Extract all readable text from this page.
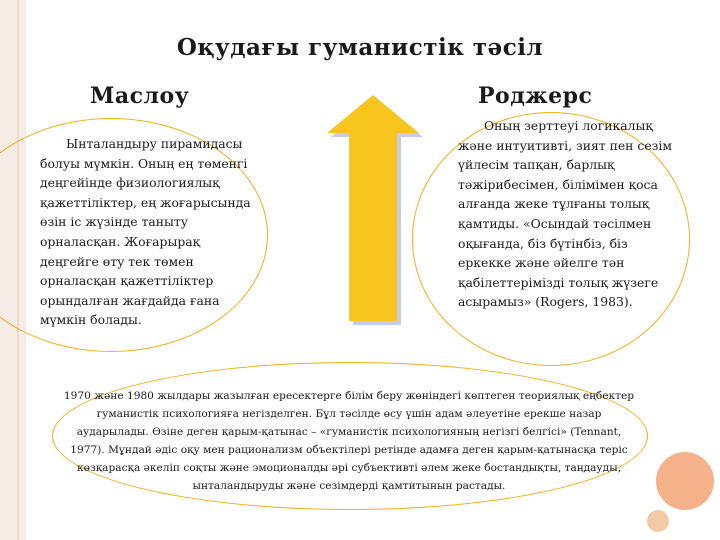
Оқудағы гуманистік тәсіл
Маслоу	Роджерс

Ынталандыру пирамидасы болуы мүмкін. Оның ең төменгі деңгейінде физиологиялық қажеттіліктер, ең жоғарысында өзін іс жүзінде таныту орналасқан. Жоғарырақ деңгейге өту тек төмен орналасқан қажеттіліктер орындалған жағдайда ғана мүмкін болады.

Оның зерттеуі логикалық және интуитивті, зият пен сезім үйлесім тапқан, барлық тәжірибесімен, білімімен қоса алғанда жеке тұлғаны толық қамтиды. «Осындай тәсілмен оқығанда, біз бүтінбіз, біз еркекке және әйелге тән қабілеттерімізді толық жүзеге асырамыз» (Rogers, 1983).

1970 және 1980 жылдары жазылған ересектерге білім беру жөніндегі көптеген теориялық еңбектер гуманистік психологияға негізделген. Бұл тәсілде өсу үшін адам әлеуетіне ерекше назар аударылады. Өзіне деген қарым-қатынас – «гуманистік психологияның негізгі белгісі» (Tennant, 1977). Мұндай әдіс оқу мен рационализм объектілері ретінде адамға деген қарым-қатынасқа теріс көзқарасқа әкеліп соқты және эмоционалды әрі субъективті әлем жеке бостандықты, таңдауды, ынталандыруды және сезімдерді қамтитынын растады.
